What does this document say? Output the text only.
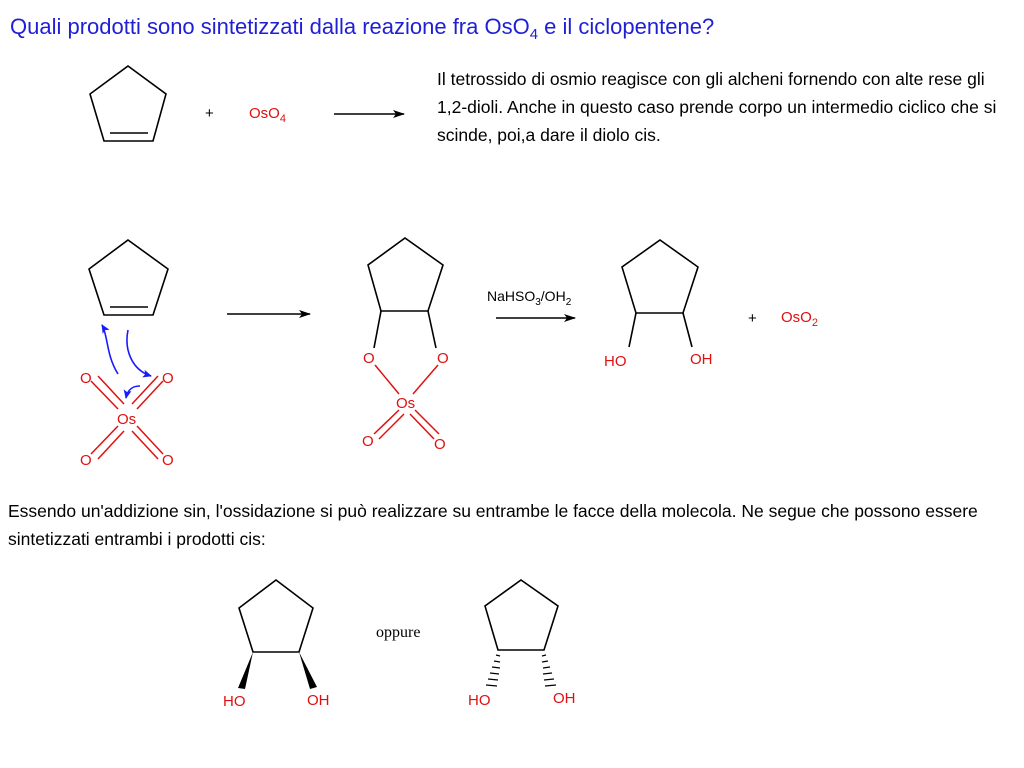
Quali prodotti sono sintetizzati dalla reazione fra OsO$_4$ e il ciclopentene?
Il tetrossido di osmio reagisce con gli alcheni fornendo con alte rese gli 1,2-dioli. Anche in questo caso prende corpo un intermedio ciclico che si scinde, poi,a dare il diolo cis.
Essendo un'addizione sin, l'ossidazione si può realizzare su entrambe le facce della molecola. Ne segue che possono essere sintetizzati entrambi i prodotti cis:
+ OsO$_4$
O	O
Os
O	O
O	O
Os
O	O
$NaHSO_3/OH_2$
HO	OH
+ OsO$_2$
HO	OH
oppure
HO	OH
